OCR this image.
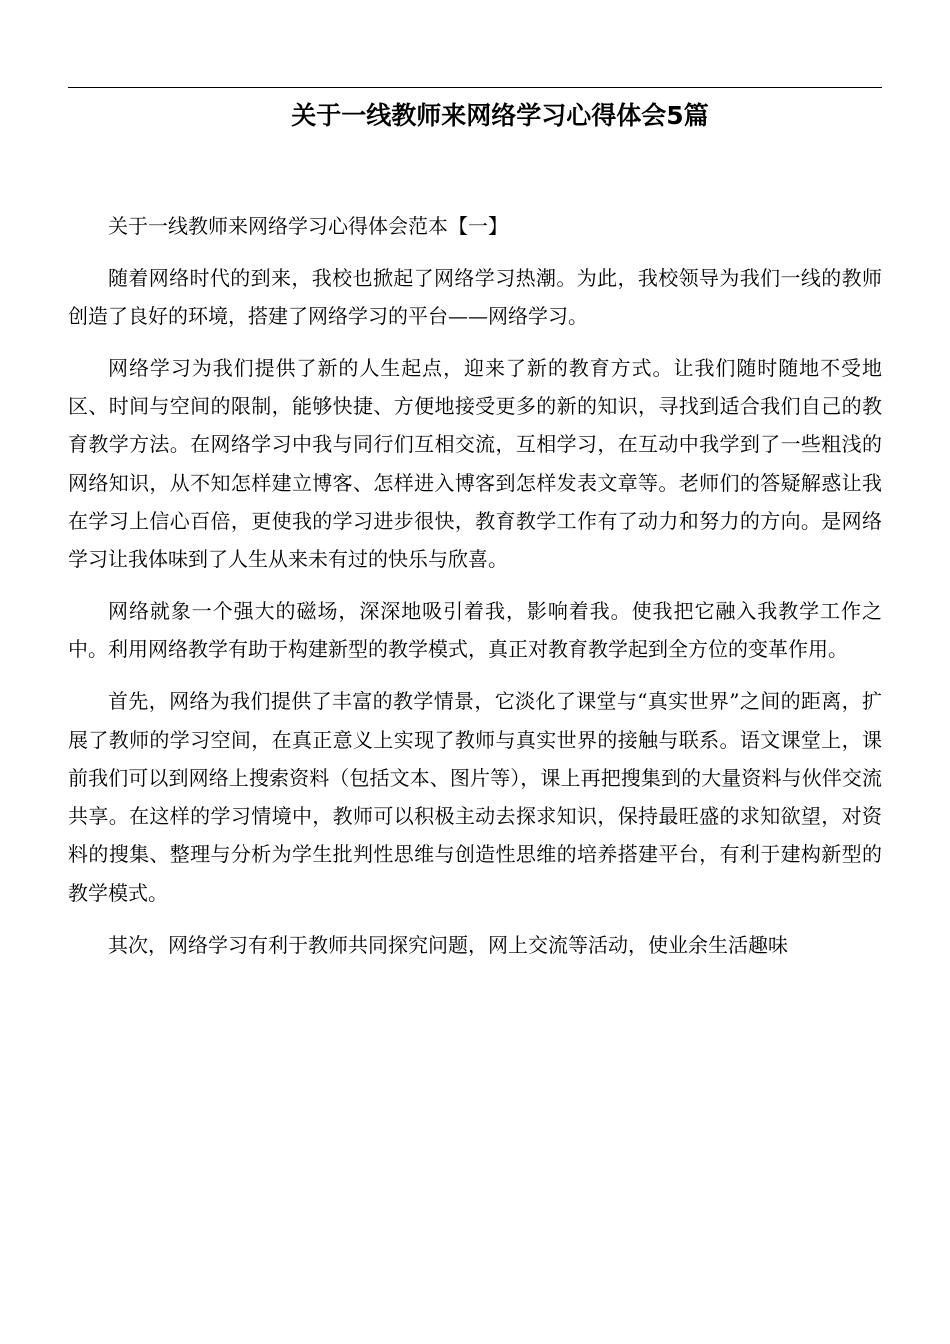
关于一线教师来网络学习心得体会5篇

关于一线教师来网络学习心得体会范本【一】

随着网络时代的到来，我校也掀起了网络学习热潮。为此，我校领导为我们一线的教师创造了良好的环境，搭建了网络学习的平台——网络学习。

网络学习为我们提供了新的人生起点，迎来了新的教育方式。让我们随时随地不受地区、时间与空间的限制，能够快捷、方便地接受更多的新的知识，寻找到适合我们自己的教育教学方法。在网络学习中我与同行们互相交流，互相学习，在互动中我学到了一些粗浅的网络知识，从不知怎样建立博客、怎样进入博客到怎样发表文章等。老师们的答疑解惑让我在学习上信心百倍，更使我的学习进步很快，教育教学工作有了动力和努力的方向。是网络学习让我体味到了人生从来未有过的快乐与欣喜。

网络就象一个强大的磁场，深深地吸引着我，影响着我。使我把它融入我教学工作之中。利用网络教学有助于构建新型的教学模式，真正对教育教学起到全方位的变革作用。

首先，网络为我们提供了丰富的教学情景，它淡化了课堂与“真实世界”之间的距离，扩展了教师的学习空间，在真正意义上实现了教师与真实世界的接触与联系。语文课堂上，课前我们可以到网络上搜索资料（包括文本、图片等），课上再把搜集到的大量资料与伙伴交流共享。在这样的学习情境中，教师可以积极主动去探求知识，保持最旺盛的求知欲望，对资料的搜集、整理与分析为学生批判性思维与创造性思维的培养搭建平台，有利于建构新型的教学模式。

其次，网络学习有利于教师共同探究问题，网上交流等活动，使业余生活趣味
